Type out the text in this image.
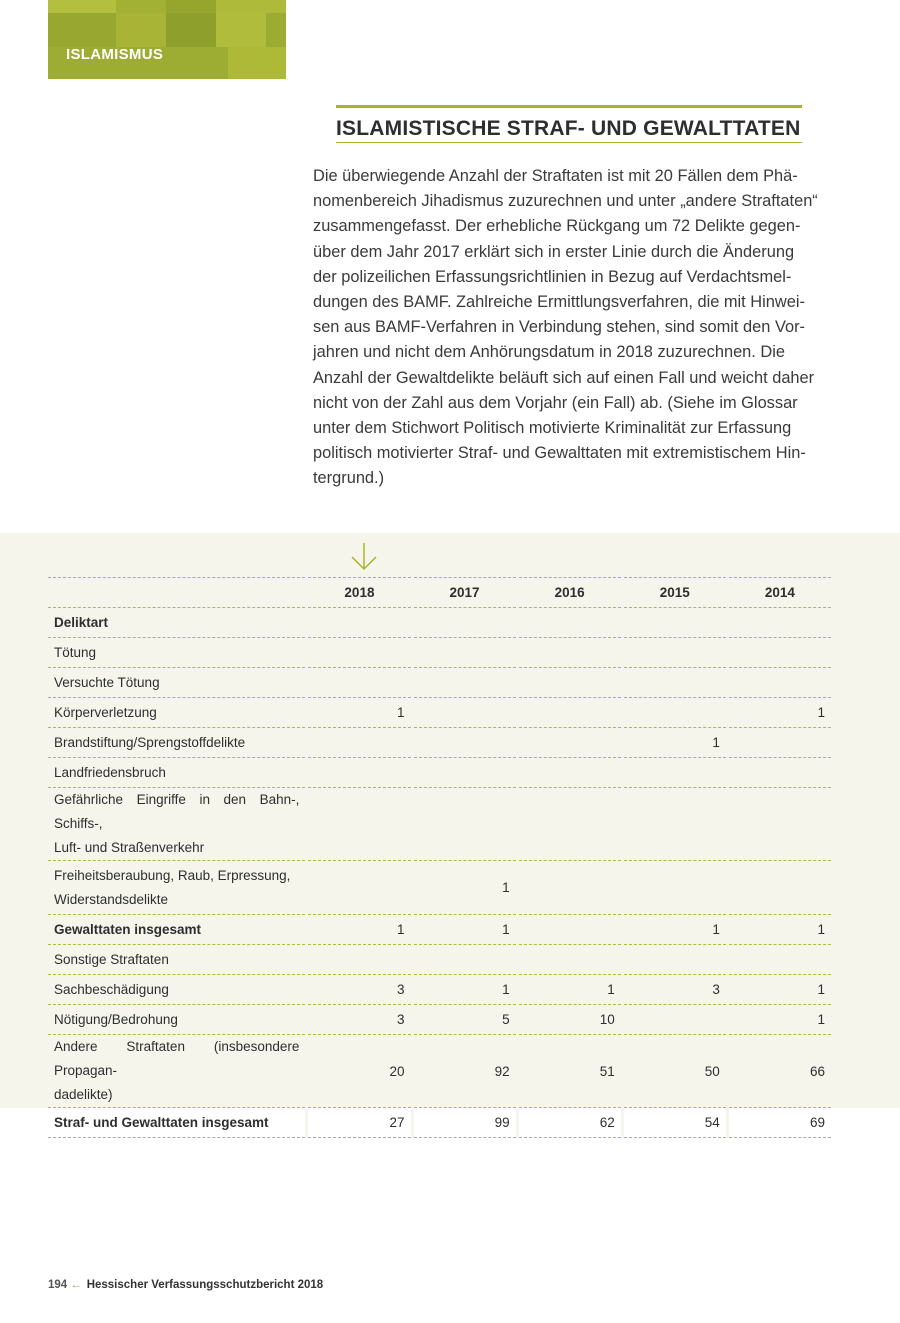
ISLAMISMUS
ISLAMISTISCHE STRAF- UND GEWALTTATEN

Die überwiegende Anzahl der Straftaten ist mit 20 Fällen dem Phä-
nomenbereich Jihadismus zuzurechnen und unter „andere Straftaten“
zusammengefasst. Der erhebliche Rückgang um 72 Delikte gegen-
über dem Jahr 2017 erklärt sich in erster Linie durch die Änderung
der polizeilichen Erfassungsrichtlinien in Bezug auf Verdachtsmel-
dungen des BAMF. Zahlreiche Ermittlungsverfahren, die mit Hinwei-
sen aus BAMF-Verfahren in Verbindung stehen, sind somit den Vor-
jahren und nicht dem Anhörungsdatum in 2018 zuzurechnen. Die
Anzahl der Gewaltdelikte beläuft sich auf einen Fall und weicht daher
nicht von der Zahl aus dem Vorjahr (ein Fall) ab. (Siehe im Glossar
unter dem Stichwort Politisch motivierte Kriminalität zur Erfassung
politisch motivierter Straf- und Gewalttaten mit extremistischem Hin-
tergrund.)

	2018	2017	2016	2015	2014

Deliktart					

Tötung					

Versuchte Tötung					

Körperverletzung	1				1

Brandstiftung/Sprengstoffdelikte				1	

Landfriedensbruch					

Gefährliche Eingriffe in den Bahn-, Schiffs-,
Luft- und Straßenverkehr					

Freiheitsberaubung, Raub, Erpressung,
Widerstandsdelikte		1			

Gewalttaten insgesamt	1	1		1	1

Sonstige Straftaten					

Sachbeschädigung	3	1	1	3	1

Nötigung/Bedrohung	3	5	10		1

Andere Straftaten (insbesondere Propagan-
dadelikte)	20	92	51	50	66

Straf- und Gewalttaten insgesamt	27	99	62	54	69
194 ← Hessischer Verfassungsschutzbericht 2018
